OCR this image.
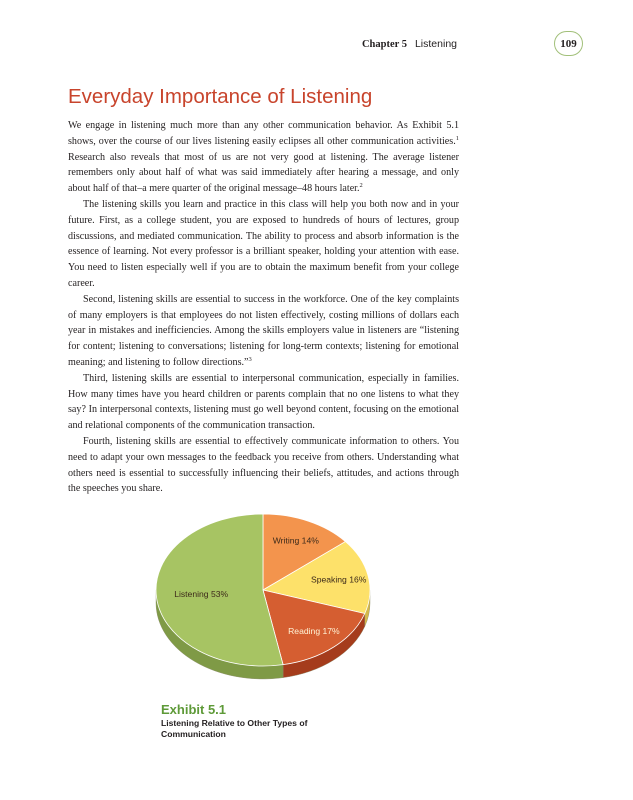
Chapter 5 Listening	109
Everyday Importance of Listening

We engage in listening much more than any other communication behavior. As Exhibit 5.1 shows, over the course of our lives listening easily eclipses all other communication activities.$^1$ Research also reveals that most of us are not very good at listening. The average listener remembers only about half of what was said immediately after hearing a message, and only about half of that–a mere quarter of the original message–48 hours later.$^2$

The listening skills you learn and practice in this class will help you both now and in your future. First, as a college student, you are exposed to hundreds of hours of lectures, group discussions, and mediated communication. The ability to process and absorb information is the essence of learning. Not every professor is a brilliant speaker, holding your attention with ease. You need to listen especially well if you are to obtain the maximum benefit from your college career.

Second, listening skills are essential to success in the workforce. One of the key complaints of many employers is that employees do not listen effectively, costing millions of dollars each year in mistakes and inefficiencies. Among the skills employers value in listeners are “listening for content; listening to conversations; listening for long-term contexts; listening for emotional meaning; and listening to follow directions.”$^3$

Third, listening skills are essential to interpersonal communication, especially in families. How many times have you heard children or parents complain that no one listens to what they say? In interpersonal contexts, listening must go well beyond content, focusing on the emotional and relational components of the communication transaction.

Fourth, listening skills are essential to effectively communicate information to others. You need to adapt your own messages to the feedback you receive from others. Understanding what others need is essential to successfully influencing their beliefs, attitudes, and actions through the speeches you share.

Writing 14%
Speaking 16%
Reading 17%
Listening 53%
Exhibit 5.1
Listening Relative to Other Types of Communication
